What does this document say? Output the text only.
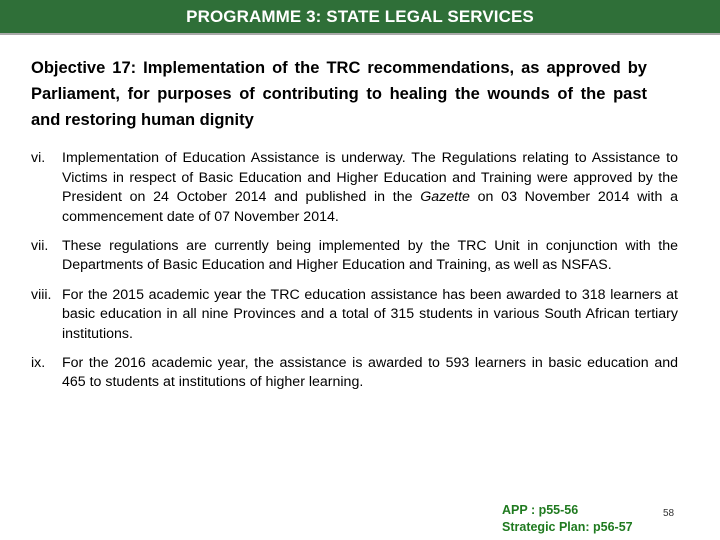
PROGRAMME 3: STATE LEGAL SERVICES
Objective 17: Implementation of the TRC recommendations, as approved by Parliament, for purposes of contributing to healing the wounds of the past and restoring human dignity
vi.	Implementation of Education Assistance is underway. The Regulations relating to Assistance to Victims in respect of Basic Education and Higher Education and Training were approved by the President on 24 October 2014 and published in the Gazette on 03 November 2014 with a commencement date of 07 November 2014.
vii. These regulations are currently being implemented by the TRC Unit in conjunction with the Departments of Basic Education and Higher Education and Training, as well as NSFAS.
viii. For the 2015 academic year the TRC education assistance has been awarded to 318 learners at basic education in all nine Provinces and a total of 315 students in various South African tertiary institutions.
ix.	For the 2016 academic year, the assistance is awarded to 593 learners in basic education and 465 to students at institutions of higher learning.
APP : p55-56
Strategic Plan: p56-57
58
